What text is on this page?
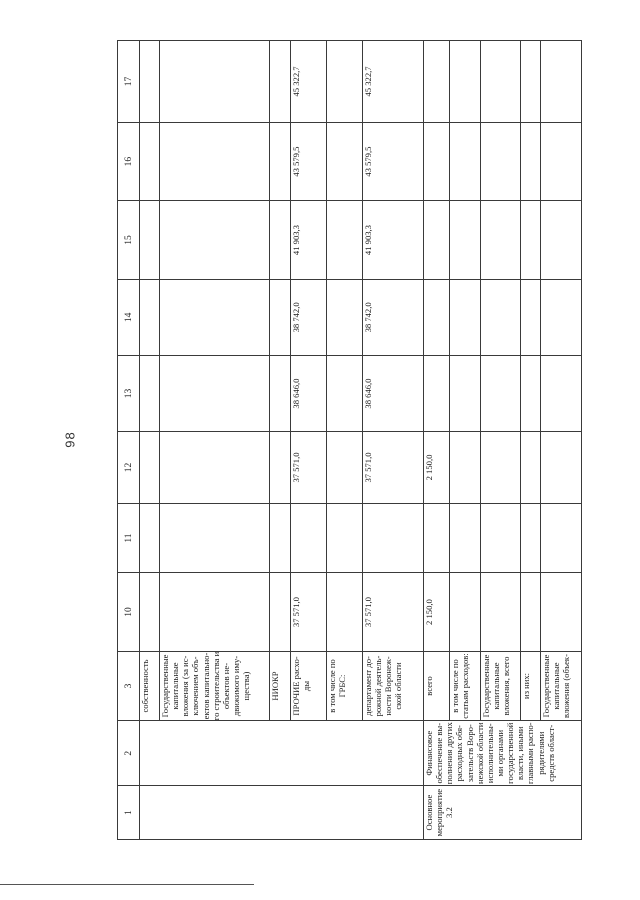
98
1	2	3	10	11	12	13	14	15	16	17

		собственность								

		Государственные капитальные вложения (за ис-ключением объ-ектов капитально-го строительства и объектов не-движимого иму-щества)								

		НИОКР								

		ПРОЧИЕ расхо-ды	37 571,0		37 571,0	38 646,0	38 742,0	41 903,3	43 579,5	45 322,7

		в том числе по ГРБС:								

		департамент до-рожной деятель-ности Воронеж-ской области	37 571,0		37 571,0	38 646,0	38 742,0	41 903,3	43 579,5	45 322,7

Основное мероприятие 3.2	Финансовое обеспечение вы-полнения других расходных обя-зательств Воро-нежской области исполнительны-ми органами государственной власти, иными главными распо-рядителями средств област-	всего	2 150,0		2 150,0					

		в том числе по статьям расходов:								

		Государственные капитальные вложения, всего								

		из них:								

		Государственные капитальные вложения (объек-								
